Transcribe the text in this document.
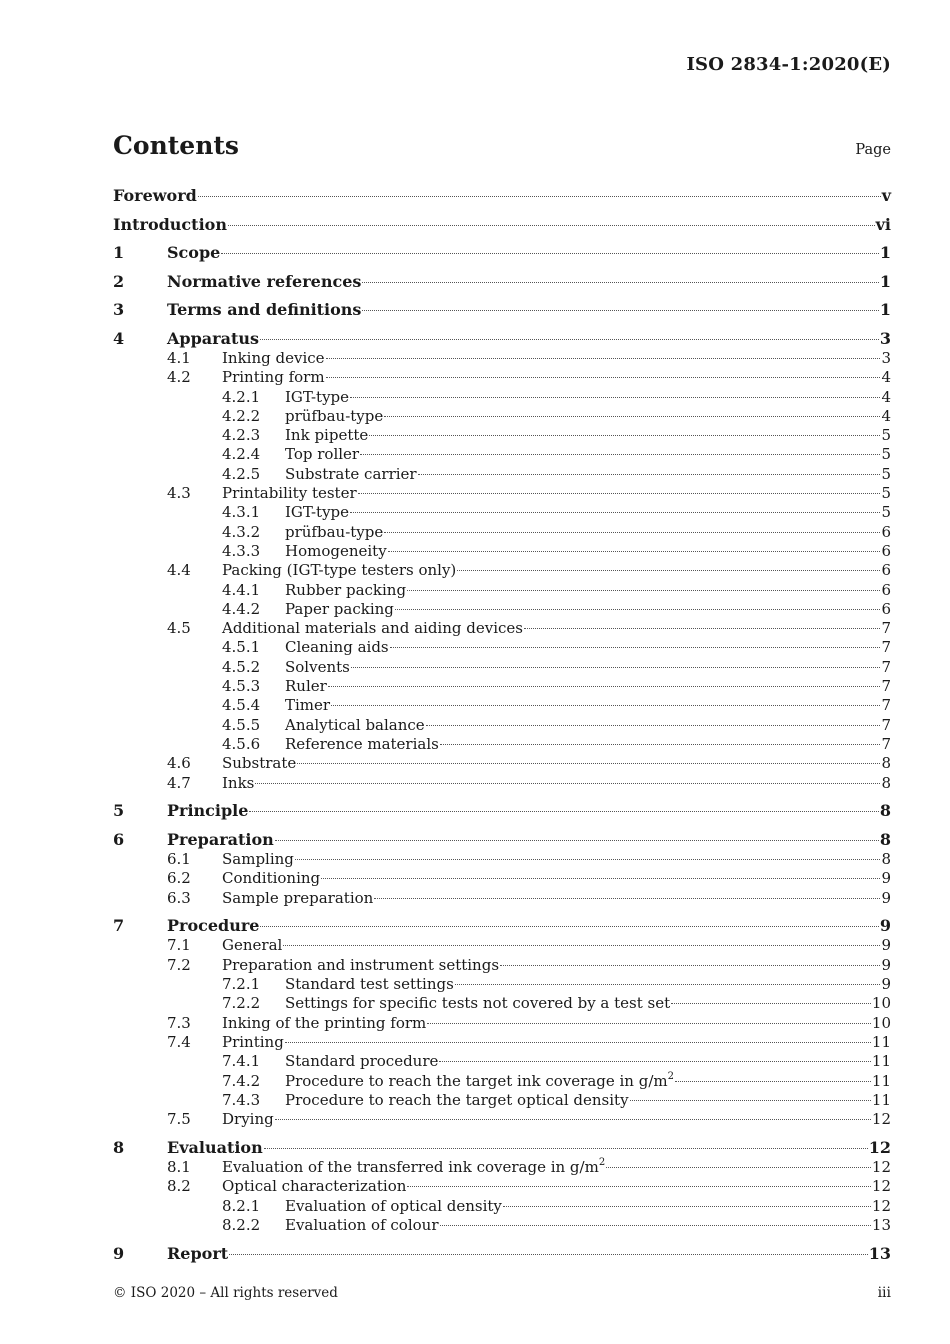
ISO 2834-1:2020(E)
Contents	Page
Foreword	v
Introduction	vi
1	Scope	1
2	Normative references	1
3	Terms and definitions	1
4	Apparatus	3
4.1	Inking device	3
4.2	Printing form	4
4.2.1	IGT-type	4
4.2.2	prüfbau-type	4
4.2.3	Ink pipette	5
4.2.4	Top roller	5
4.2.5	Substrate carrier	5
4.3	Printability tester	5
4.3.1	IGT-type	5
4.3.2	prüfbau-type	6
4.3.3	Homogeneity	6
4.4	Packing (IGT-type testers only)	6
4.4.1	Rubber packing	6
4.4.2	Paper packing	6
4.5	Additional materials and aiding devices	7
4.5.1	Cleaning aids	7
4.5.2	Solvents	7
4.5.3	Ruler	7
4.5.4	Timer	7
4.5.5	Analytical balance	7
4.5.6	Reference materials	7
4.6	Substrate	8
4.7	Inks	8
5	Principle	8
6	Preparation	8
6.1	Sampling	8
6.2	Conditioning	9
6.3	Sample preparation	9
7	Procedure	9
7.1	General	9
7.2	Preparation and instrument settings	9
7.2.1	Standard test settings	9
7.2.2	Settings for specific tests not covered by a test set	10
7.3	Inking of the printing form	10
7.4	Printing	11
7.4.1	Standard procedure	11
7.4.2	Procedure to reach the target ink coverage in $g/m^2$	11
7.4.3	Procedure to reach the target optical density	11
7.5	Drying	12
8	Evaluation	12
8.1	Evaluation of the transferred ink coverage in $g/m^2$	12
8.2	Optical characterization	12
8.2.1	Evaluation of optical density	12
8.2.2	Evaluation of colour	13
9	Report	13
© ISO 2020 – All rights reserved	iii
